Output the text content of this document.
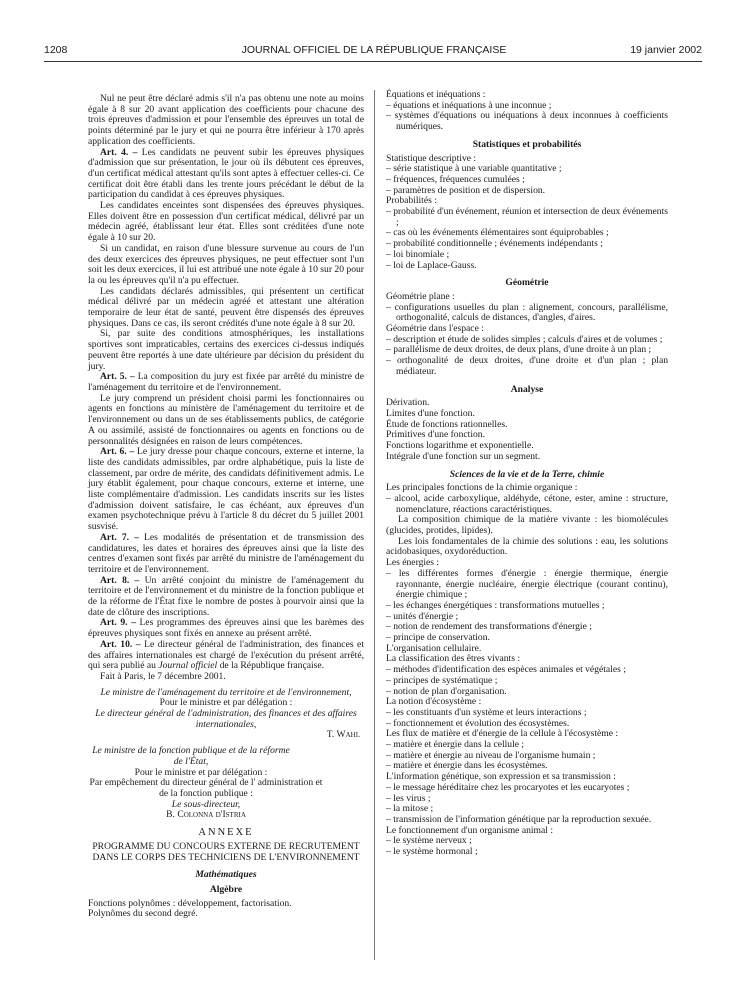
1208	JOURNAL OFFICIEL DE LA RÉPUBLIQUE FRANÇAISE	19 janvier 2002

Nul ne peut être déclaré admis s'il n'a pas obtenu une note au moins égale à 8 sur 20 avant application des coefficients pour chacune des trois épreuves d'admission et pour l'ensemble des épreuves un total de points déterminé par le jury et qui ne pourra être inférieur à 170 après application des coefficients.

Art. 4. – Les candidats ne peuvent subir les épreuves physiques d'admission que sur présentation, le jour où ils débutent ces épreuves, d'un certificat médical attestant qu'ils sont aptes à effectuer celles-ci. Ce certificat doit être établi dans les trente jours précédant le début de la participation du candidat à ces épreuves physiques.

Les candidates enceintes sont dispensées des épreuves physiques. Elles doivent être en possession d'un certificat médical, délivré par un médecin agréé, établissant leur état. Elles sont créditées d'une note égale à 10 sur 20.

Si un candidat, en raison d'une blessure survenue au cours de l'un des deux exercices des épreuves physiques, ne peut effectuer sont l'un soit les deux exercices, il lui est attribué une note égale à 10 sur 20 pour la ou les épreuves qu'il n'a pu effectuer.

Les candidats déclarés admissibles, qui présentent un certificat médical délivré par un médecin agréé et attestant une altération temporaire de leur état de santé, peuvent être dispensés des épreuves physiques. Dans ce cas, ils seront crédités d'une note égale à 8 sur 20.

Si, par suite des conditions atmosphériques, les installations sportives sont impraticables, certains des exercices ci-dessus indiqués peuvent être reportés à une date ultérieure par décision du président du jury.

Art. 5. – La composition du jury est fixée par arrêté du ministre de l'aménagement du territoire et de l'environnement.

Le jury comprend un président choisi parmi les fonctionnaires ou agents en fonctions au ministère de l'aménagement du territoire et de l'environnement ou dans un de ses établissements publics, de catégorie A ou assimilé, assisté de fonctionnaires ou agents en fonctions ou de personnalités désignées en raison de leurs compétences.

Art. 6. – Le jury dresse pour chaque concours, externe et interne, la liste des candidats admissibles, par ordre alphabétique, puis la liste de classement, par ordre de mérite, des candidats définitivement admis. Le jury établit également, pour chaque concours, externe et interne, une liste complémentaire d'admission. Les candidats inscrits sur les listes d'admission doivent satisfaire, le cas échéant, aux épreuves d'un examen psychotechnique prévu à l'article 8 du décret du 5 juillet 2001 susvisé.

Art. 7. – Les modalités de présentation et de transmission des candidatures, les dates et horaires des épreuves ainsi que la liste des centres d'examen sont fixés par arrêté du ministre de l'aménagement du territoire et de l'environnement.

Art. 8. – Un arrêté conjoint du ministre de l'aménagement du territoire et de l'environnement et du ministre de la fonction publique et de la réforme de l'État fixe le nombre de postes à pourvoir ainsi que la date de clôture des inscriptions.

Art. 9. – Les programmes des épreuves ainsi que les barèmes des épreuves physiques sont fixés en annexe au présent arrêté.

Art. 10. – Le directeur général de l'administration, des finances et des affaires internationales est chargé de l'exécution du présent arrêté, qui sera publié au Journal officiel de la République française.

Fait à Paris, le 7 décembre 2001.

Le ministre de l'aménagement du territoire et de l'environnement,

Pour le ministre et par délégation :

Le directeur général de l'administration, des finances et des affaires internationales,

T. Wahl

Le ministre de la fonction publique et de la réforme de l'État,

Pour le ministre et par délégation :

Par empêchement du directeur général de l' administration et de la fonction publique :

Le sous-directeur,

B. Colonna d'Istria

ANNEXE

PROGRAMME DU CONCOURS EXTERNE DE RECRUTEMENT DANS LE CORPS DES TECHNICIENS DE L'ENVIRONNEMENT

Mathématiques

Algèbre

Fonctions polynômes : développement, factorisation.

Polynômes du second degré.

Équations et inéquations :

– équations et inéquations à une inconnue ;

– systèmes d'équations ou inéquations à deux inconnues à coefficients numériques.

Statistiques et probabilités

Statistique descriptive :

– série statistique à une variable quantitative ;

– fréquences, fréquences cumulées ;

– paramètres de position et de dispersion.

Probabilités :

– probabilité d'un événement, réunion et intersection de deux événements ;

– cas où les événements élémentaires sont équiprobables ;

– probabilité conditionnelle ; événements indépendants ;

– loi binomiale ;

– loi de Laplace-Gauss.

Géométrie

Géométrie plane :

– configurations usuelles du plan : alignement, concours, parallélisme, orthogonalité, calculs de distances, d'angles, d'aires.

Géométrie dans l'espace :

– description et étude de solides simples ; calculs d'aires et de volumes ;

– parallélisme de deux droites, de deux plans, d'une droite à un plan ;

– orthogonalité de deux droites, d'une droite et d'un plan ; plan médiateur.

Analyse

Dérivation.

Limites d'une fonction.

Étude de fonctions rationnelles.

Primitives d'une fonction.

Fonctions logarithme et exponentielle.

Intégrale d'une fonction sur un segment.

Sciences de la vie et de la Terre, chimie

Les principales fonctions de la chimie organique :

– alcool, acide carboxylique, aldéhyde, cétone, ester, amine : structure, nomenclature, réactions caractéristiques.

La composition chimique de la matière vivante : les biomolécules (glucides, protides, lipides).

Les lois fondamentales de la chimie des solutions : eau, les solutions acidobasiques, oxydoréduction.

Les énergies :

– les différentes formes d'énergie : énergie thermique, énergie rayonnante, énergie nucléaire, énergie électrique (courant continu), énergie chimique ;

– les échanges énergétiques : transformations mutuelles ;

– unités d'énergie ;

– notion de rendement des transformations d'énergie ;

– principe de conservation.

L'organisation cellulaire.

La classification des êtres vivants :

– méthodes d'identification des espèces animales et végétales ;

– principes de systématique ;

– notion de plan d'organisation.

La notion d'écosystème :

– les constituants d'un système et leurs interactions ;

– fonctionnement et évolution des écosystèmes.

Les flux de matière et d'énergie de la cellule à l'écosystème :

– matière et énergie dans la cellule ;

– matière et énergie au niveau de l'organisme humain ;

– matière et énergie dans les écosystèmes.

L'information génétique, son expression et sa transmission :

– le message héréditaire chez les procaryotes et les eucaryotes ;

– les virus ;

– la mitose ;

– transmission de l'information génétique par la reproduction sexuée.

Le fonctionnement d'un organisme animal :

– le système nerveux ;

– le système hormonal ;
